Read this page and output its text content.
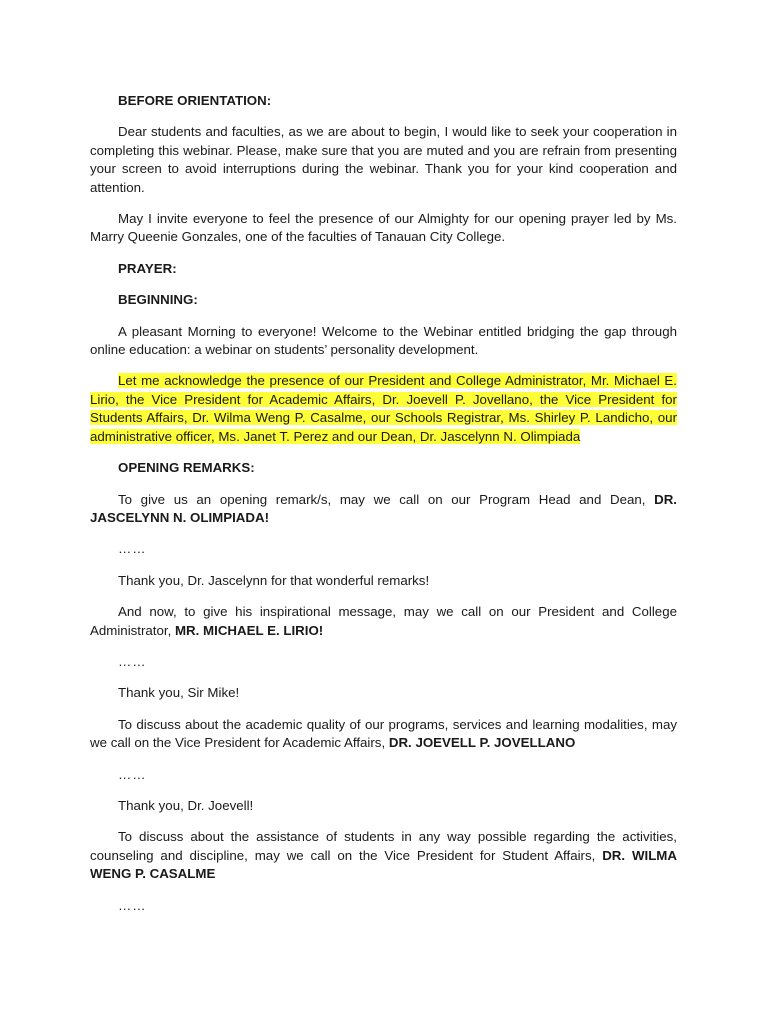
BEFORE ORIENTATION:
Dear students and faculties, as we are about to begin, I would like to seek your cooperation in completing this webinar. Please, make sure that you are muted and you are refrain from presenting your screen to avoid interruptions during the webinar. Thank you for your kind cooperation and attention.
May I invite everyone to feel the presence of our Almighty for our opening prayer led by Ms. Marry Queenie Gonzales, one of the faculties of Tanauan City College.
PRAYER:
BEGINNING:
A pleasant Morning to everyone! Welcome to the Webinar entitled bridging the gap through online education: a webinar on students’ personality development.
Let me acknowledge the presence of our President and College Administrator, Mr. Michael E. Lirio, the Vice President for Academic Affairs, Dr. Joevell P. Jovellano, the Vice President for Students Affairs, Dr. Wilma Weng P. Casalme, our Schools Registrar, Ms. Shirley P. Landicho, our administrative officer, Ms. Janet T. Perez and our Dean, Dr. Jascelynn N. Olimpiada
OPENING REMARKS:
To give us an opening remark/s, may we call on our Program Head and Dean, DR. JASCELYNN N. OLIMPIADA!
……
Thank you, Dr. Jascelynn for that wonderful remarks!
And now, to give his inspirational message, may we call on our President and College Administrator, MR. MICHAEL E. LIRIO!
……
Thank you, Sir Mike!
To discuss about the academic quality of our programs, services and learning modalities, may we call on the Vice President for Academic Affairs, DR. JOEVELL P. JOVELLANO
……
Thank you, Dr. Joevell!
To discuss about the assistance of students in any way possible regarding the activities, counseling and discipline, may we call on the Vice President for Student Affairs, DR. WILMA WENG P. CASALME
……
